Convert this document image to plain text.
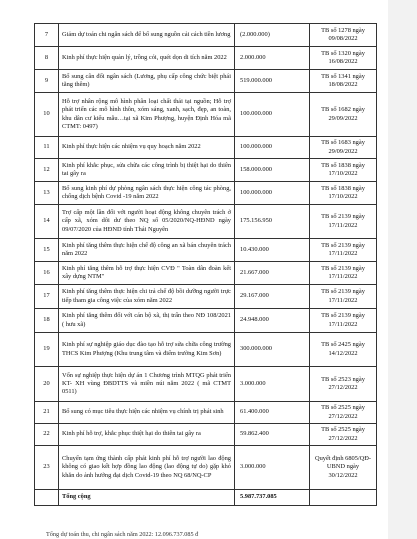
7	Giảm dự toán chi ngân sách để bổ sung nguồn cải cách tiền lương	(2.000.000)	TB số 1278 ngày 09/08/2022
8	Kinh phí thực hiện quản lý, trồng cói, quét dọn di tích năm 2022	2.000.000	TB số 1320 ngày 16/08/2022
9	Bổ sung cân đối ngân sách (Lương, phụ cấp công chức biệt phái tăng thêm)	519.000.000	TB số 1341 ngày 18/08/2022
10	Hỗ trợ nhân rộng mô hình phân loại chất thải tại nguồn; Hỗ trợ phát triển các mô hình thôn, xóm sáng, xanh, sạch, đẹp, an toàn, khu dân cư kiểu mẫu…tại xã Kim Phượng, huyện Định Hóa mã CTMT: 0497)	100.000.000	TB số 1682 ngày 29/09/2022
11	Kinh phí thực hiện các nhiệm vụ quy hoạch năm 2022	100.000.000	TB số 1683 ngày 29/09/2022
12	Kinh phí khắc phục, sửa chữa các công trình bị thiệt hại do thiên tai gây ra	158.000.000	TB số 1838 ngày 17/10/2022
13	Bổ sung kinh phí dự phòng ngân sách thực hiện công tác phòng, chống dịch bệnh Covid -19 năm 2022	100.000.000	TB số 1838 ngày 17/10/2022
14	Trợ cấp một lần đối với người hoạt động không chuyên trách ở cấp xã, xóm dôi dư theo NQ số 05/2020/NQ-HĐND ngày 09/07/2020 của HĐND tỉnh Thái Nguyên	175.156.950	TB số 2139 ngày 17/11/2022
15	Kinh phí tăng thêm thực hiện chế độ công an xã bán chuyên trách năm 2022	10.430.000	TB số 2139 ngày 17/11/2022
16	Kinh phí tăng thêm hỗ trợ thực hiện CVĐ " Toàn dân đoàn kết xây dựng NTM"	21.667.000	TB số 2139 ngày 17/11/2022
17	Kinh phí tăng thêm thực hiện chi trả chế độ bồi dưỡng người trực tiếp tham gia công việc của xóm năm 2022	29.167.000	TB số 2139 ngày 17/11/2022
18	Kinh phí tăng thêm đối với cán bộ xã, thị trấn theo NĐ 108/2021 ( hưu xã)	24.948.000	TB số 2139 ngày 17/11/2022
19	Kinh phí sự nghiệp giáo dục đào tạo hỗ trợ sửa chữa công trường THCS Kim Phượng (Khu trung tâm và điểm trường Kim Sơn)	300.000.000	TB số 2425 ngày 14/12/2022
20	Vốn sự nghiệp thực hiện dự án 1 Chương trình MTQG phát triển KT- XH vùng ĐBDTTS và miền núi năm 2022 ( mã CTMT 0511)	3.000.000	TB số 2523 ngày 27/12/2022
21	Bổ sung có mục tiêu thực hiện các nhiệm vụ chính trị phát sinh	61.400.000	TB số 2525 ngày 27/12/2022
22	Kinh phí hỗ trợ, khắc phục thiệt hại do thiên tai gây ra	59.862.400	TB số 2525 ngày 27/12/2022
23	Chuyển tạm ứng thành cấp phát kinh phí hỗ trợ người lao động không có giao kết hợp đồng lao động (lao động tự do) gặp khó khăn do ảnh hưởng đại dịch Covid-19 theo NQ 68/NQ-CP	3.000.000	Quyết định 6805/QĐ-UBND ngày 30/12/2022
	Tổng cộng	5.987.737.085	
Tổng dự toán thu, chi ngân sách năm 2022: 12.096.737.085 đ
